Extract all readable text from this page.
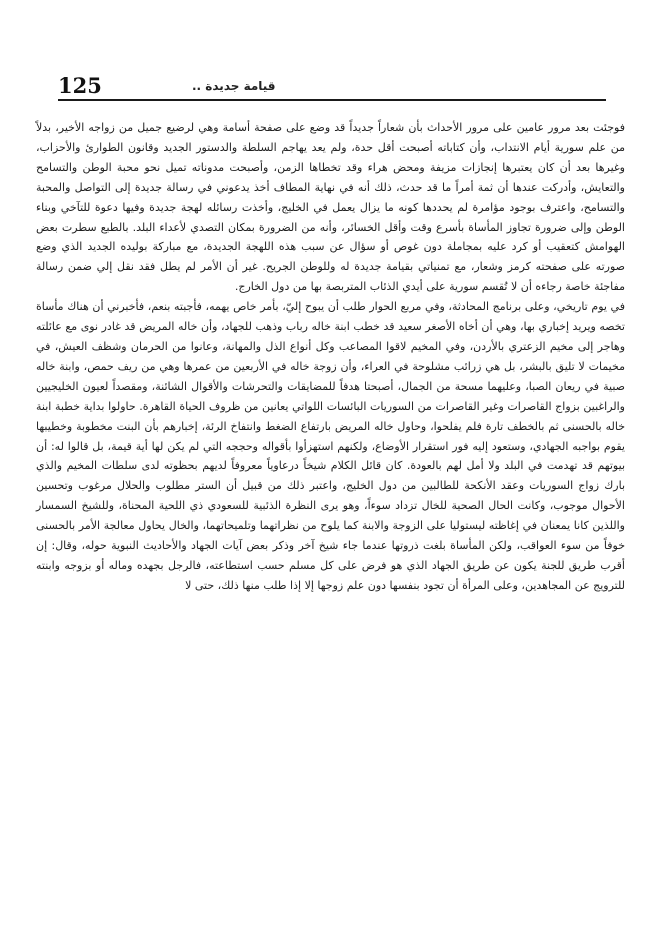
125	قيامة جديدة ..

فوجئت بعد مرور عامين على مرور الأحداث بأن شعاراً جديداً قد وضع على صفحة أسامة وهي لرضيع جميل من زواجه الأخير، بدلاً من علم سورية أيام الانتداب، وأن كتاباته أصبحت أقل حدة، ولم يعد يهاجم السلطة والدستور الجديد وقانون الطوارئ والأحزاب، وغيرها بعد أن كان يعتبرها إنجازات مزيفة ومحض هراء وقد تخطاها الزمن، وأصبحت مدوناته تميل نحو محبة الوطن والتسامح والتعايش، وأدركت عندها أن ثمة أمراً ما قد حدث، ذلك أنه في نهاية المطاف أخذ يدعوني في رسالة جديدة إلى التواصل والمحبة والتسامح، واعترف بوجود مؤامرة لم يحددها كونه ما يزال يعمل في الخليج، وأخذت رسائله لهجة جديدة وفيها دعوة للتآخي وبناء الوطن وإلى ضرورة تجاوز المأساة بأسرع وقت وأقل الخسائر، وأنه من الضرورة بمكان التصدي لأعداء البلد. بالطبع سطرت بعض الهوامش كتعقيب أو كرد عليه بمجاملة دون غوص أو سؤال عن سبب هذه اللهجة الجديدة، مع مباركة بوليده الجديد الذي وضع صورته على صفحته كرمز وشعار، مع تمنياتي بقيامة جديدة له وللوطن الجريح. غير أن الأمر لم يطل فقد نقل إلي ضمن رسالة مفاجئة خاصة رجاءه أن لا تُقسم سورية على أيدي الذئاب المتربصة بها من دول الخارج.

في يوم تاريخي، وعلى برنامج المحادثة، وفي مربع الحوار طلب أن يبوح إليّ، بأمر خاص يهمه، فأجبته بنعم، فأخبرني أن هناك مأساة تخصه ويريد إخباري بها، وهي أن أخاه الأصغر سعيد قد خطب ابنة خاله رباب وذهب للجهاد، وأن خاله المريض قد غادر نوى مع عائلته وهاجر إلى مخيم الزعتري بالأردن، وفي المخيم لاقوا المصاعب وكل أنواع الذل والمهانة، وعانوا من الحرمان وشظف العيش، في مخيمات لا تليق بالبشر، بل هي زرائب مشلوحة في العراء، وأن زوجة خاله في الأربعين من عمرها وهي من ريف حمص، وابنة خاله صبية في ريعان الصبا، وعليهما مسحة من الجمال، أصبحتا هدفاً للمضايقات والتحرشات والأقوال الشائنة، ومقصداً لعيون الخليجيين والراغبين بزواج القاصرات وغير القاصرات من السوريات البائسات اللواتي يعانين من ظروف الحياة القاهرة. حاولوا بداية خطبة ابنة خاله بالحسنى ثم بالخطف تارة فلم يفلحوا، وحاول خاله المريض بارتفاع الضغط وانتفاخ الرئة، إخبارهم بأن البنت مخطوبة وخطيبها يقوم بواجبه الجهادي، وستعود إليه فور استقرار الأوضاع، ولكنهم استهزأوا بأقواله وحججه التي لم يكن لها أية قيمة، بل قالوا له: أن بيوتهم قد تهدمت في البلد ولا أمل لهم بالعودة. كان قائل الكلام شيخاً درعاوياً معروفاً لديهم بحظوته لدى سلطات المخيم والذي بارك زواج السوريات وعقد الأنكحة للطالبين من دول الخليج، واعتبر ذلك من قبيل أن الستر مطلوب والحلال مرغوب وتحسين الأحوال موجوب، وكانت الحال الصحية للخال تزداد سوءاً، وهو يرى النظرة الذئبية للسعودي ذي اللحية المحناة، وللشيخ السمسار واللذين كانا يمعنان في إغاظته ليستوليا على الزوجة والابنة كما يلوح من نظراتهما وتلميحاتهما، والخال يحاول معالجة الأمر بالحسنى خوفاً من سوء العواقب، ولكن المأساة بلغت ذروتها عندما جاء شيخ آخر وذكر بعض آيات الجهاد والأحاديث النبوية حوله، وقال: إن أقرب طريق للجنة يكون عن طريق الجهاد الذي هو فرض على كل مسلم حسب استطاعته، فالرجل بجهده وماله أو بزوجه وابنته للترويج عن المجاهدين، وعلى المرأة أن تجود بنفسها دون علم زوجها إلا إذا طلب منها ذلك، حتى لا
